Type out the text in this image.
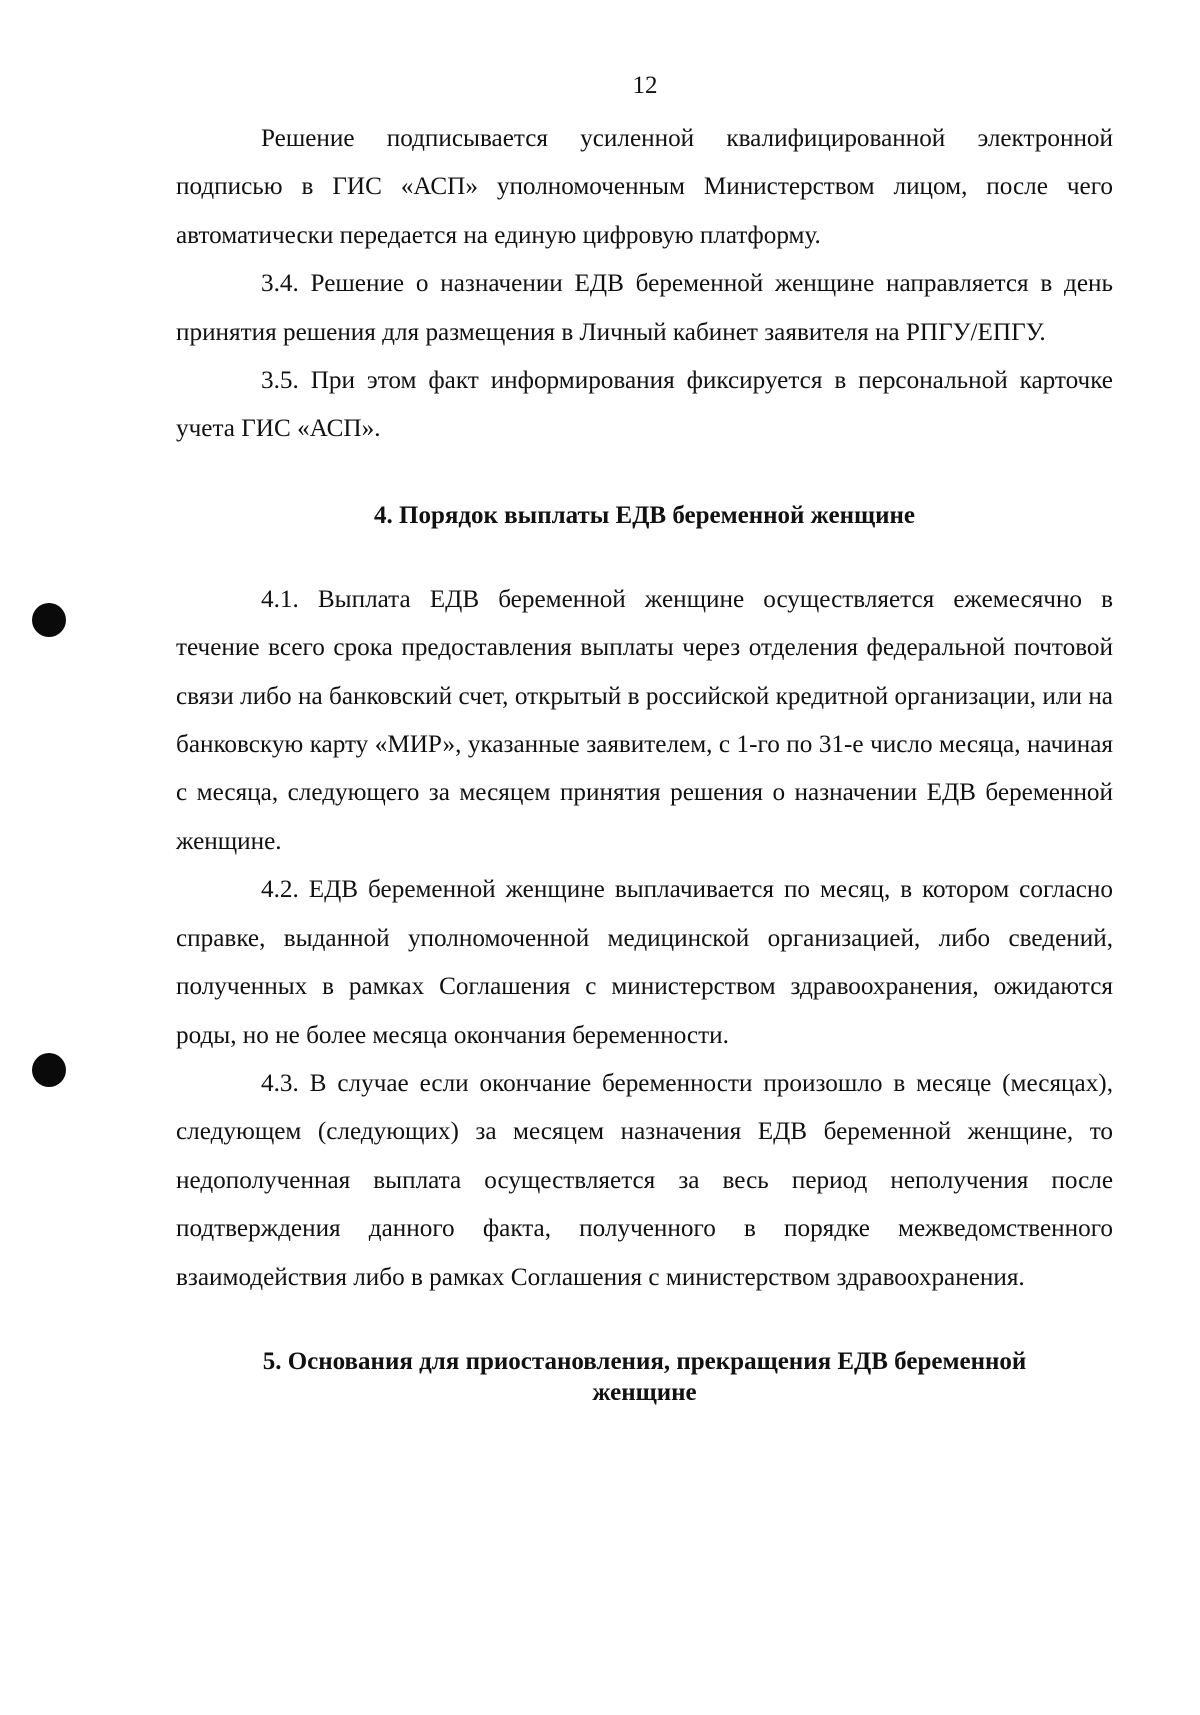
12

Решение подписывается усиленной квалифицированной электронной подписью в ГИС «АСП» уполномоченным Министерством лицом, после чего автоматически передается на единую цифровую платформу.

3.4. Решение о назначении ЕДВ беременной женщине направляется в день принятия решения для размещения в Личный кабинет заявителя на РПГУ/ЕПГУ.

3.5. При этом факт информирования фиксируется в персональной карточке учета ГИС «АСП».

4. Порядок выплаты ЕДВ беременной женщине

4.1. Выплата ЕДВ беременной женщине осуществляется ежемесячно в течение всего срока предоставления выплаты через отделения федеральной почтовой связи либо на банковский счет, открытый в российской кредитной организации, или на банковскую карту «МИР», указанные заявителем, с 1-го по 31-е число месяца, начиная с месяца, следующего за месяцем принятия решения о назначении ЕДВ беременной женщине.

4.2. ЕДВ беременной женщине выплачивается по месяц, в котором согласно справке, выданной уполномоченной медицинской организацией, либо сведений, полученных в рамках Соглашения с министерством здравоохранения, ожидаются роды, но не более месяца окончания беременности.

4.3. В случае если окончание беременности произошло в месяце (месяцах), следующем (следующих) за месяцем назначения ЕДВ беременной женщине, то недополученная выплата осуществляется за весь период неполучения после подтверждения данного факта, полученного в порядке межведомственного взаимодействия либо в рамках Соглашения с министерством здравоохранения.

5. Основания для приостановления, прекращения ЕДВ беременной женщине
